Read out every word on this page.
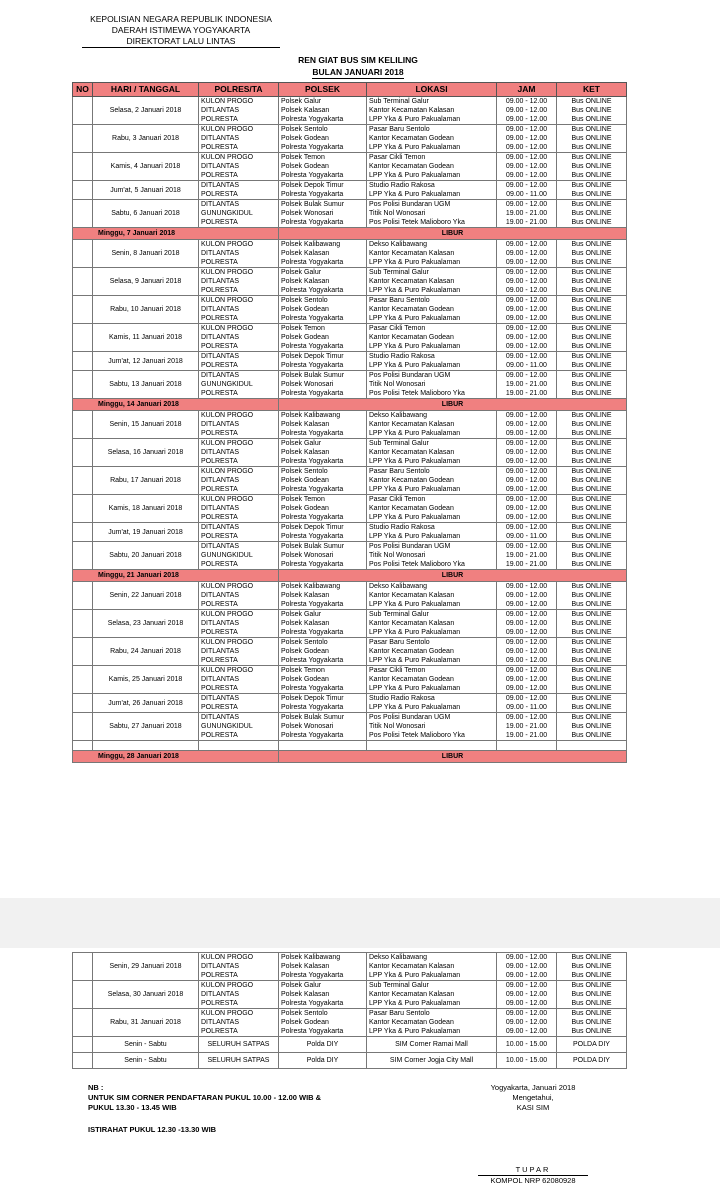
KEPOLISIAN NEGARA REPUBLIK INDONESIA
DAERAH ISTIMEWA YOGYAKARTA
DIREKTORAT LALU LINTAS
REN GIAT BUS SIM KELILING
BULAN JANUARI 2018
NO	HARI / TANGGAL	POLRES/TA	POLSEK	LOKASI	JAM	KET
	Selasa, 2 Januari 2018	KULON PROGO	Polsek Galur	Sub Terminal Galur	09.00 - 12.00	Bus ONLINE
		DITLANTAS	Polsek Kalasan	Kantor Kecamatan Kalasan	09.00 - 12.00	Bus ONLINE
		POLRESTA	Polresta Yogyakarta	LPP Yka & Puro Pakualaman	09.00 - 12.00	Bus ONLINE
	Rabu, 3 Januari 2018	KULON PROGO	Polsek Sentolo	Pasar Baru Sentolo	09.00 - 12.00	Bus ONLINE
		DITLANTAS	Polsek Godean	Kantor Kecamatan Godean	09.00 - 12.00	Bus ONLINE
		POLRESTA	Polresta Yogyakarta	LPP Yka & Puro Pakualaman	09.00 - 12.00	Bus ONLINE
	Kamis, 4 Januari 2018	KULON PROGO	Polsek Temon	Pasar Cikli Temon	09.00 - 12.00	Bus ONLINE
		DITLANTAS	Polsek Godean	Kantor Kecamatan Godean	09.00 - 12.00	Bus ONLINE
		POLRESTA	Polresta Yogyakarta	LPP Yka & Puro Pakualaman	09.00 - 12.00	Bus ONLINE
	Jum'at, 5 Januari 2018	DITLANTAS	Polsek Depok Timur	Studio Radio Rakosa	09.00 - 12.00	Bus ONLINE
		POLRESTA	Polresta Yogyakarta	LPP Yka & Puro Pakualaman	09.00 - 11.00	Bus ONLINE
	Sabtu, 6 Januari 2018	DITLANTAS	Polsek Bulak Sumur	Pos Polisi Bundaran UGM	09.00 - 12.00	Bus ONLINE
		GUNUNGKIDUL	Polsek Wonosari	Titik Nol Wonosari	19.00 - 21.00	Bus ONLINE
		POLRESTA	Polresta Yogyakarta	Pos Polisi Tetek Malioboro Yka	19.00 - 21.00	Bus ONLINE
Minggu, 7 Januari 2018			LIBUR			
	Senin, 8 Januari 2018	KULON PROGO	Polsek Kalibawang	Dekso Kalibawang	09.00 - 12.00	Bus ONLINE
		DITLANTAS	Polsek Kalasan	Kantor Kecamatan Kalasan	09.00 - 12.00	Bus ONLINE
		POLRESTA	Polresta Yogyakarta	LPP Yka & Puro Pakualaman	09.00 - 12.00	Bus ONLINE
	Selasa, 9 Januari 2018	KULON PROGO	Polsek Galur	Sub Terminal Galur	09.00 - 12.00	Bus ONLINE
		DITLANTAS	Polsek Kalasan	Kantor Kecamatan Kalasan	09.00 - 12.00	Bus ONLINE
		POLRESTA	Polresta Yogyakarta	LPP Yka & Puro Pakualaman	09.00 - 12.00	Bus ONLINE
	Rabu, 10 Januari 2018	KULON PROGO	Polsek Sentolo	Pasar Baru Sentolo	09.00 - 12.00	Bus ONLINE
		DITLANTAS	Polsek Godean	Kantor Kecamatan Godean	09.00 - 12.00	Bus ONLINE
		POLRESTA	Polresta Yogyakarta	LPP Yka & Puro Pakualaman	09.00 - 12.00	Bus ONLINE
	Kamis, 11 Januari 2018	KULON PROGO	Polsek Temon	Pasar Cikli Temon	09.00 - 12.00	Bus ONLINE
		DITLANTAS	Polsek Godean	Kantor Kecamatan Godean	09.00 - 12.00	Bus ONLINE
		POLRESTA	Polresta Yogyakarta	LPP Yka & Puro Pakualaman	09.00 - 12.00	Bus ONLINE
	Jum'at, 12 Januari 2018	DITLANTAS	Polsek Depok Timur	Studio Radio Rakosa	09.00 - 12.00	Bus ONLINE
		POLRESTA	Polresta Yogyakarta	LPP Yka & Puro Pakualaman	09.00 - 11.00	Bus ONLINE
	Sabtu, 13 Januari 2018	DITLANTAS	Polsek Bulak Sumur	Pos Polisi Bundaran UGM	09.00 - 12.00	Bus ONLINE
		GUNUNGKIDUL	Polsek Wonosari	Titik Nol Wonosari	19.00 - 21.00	Bus ONLINE
		POLRESTA	Polresta Yogyakarta	Pos Polisi Tetek Malioboro Yka	19.00 - 21.00	Bus ONLINE
Minggu, 14 Januari 2018			LIBUR			
	Senin, 15 Januari 2018	KULON PROGO	Polsek Kalibawang	Dekso Kalibawang	09.00 - 12.00	Bus ONLINE
		DITLANTAS	Polsek Kalasan	Kantor Kecamatan Kalasan	09.00 - 12.00	Bus ONLINE
		POLRESTA	Polresta Yogyakarta	LPP Yka & Puro Pakualaman	09.00 - 12.00	Bus ONLINE
	Selasa, 16 Januari 2018	KULON PROGO	Polsek Galur	Sub Terminal Galur	09.00 - 12.00	Bus ONLINE
		DITLANTAS	Polsek Kalasan	Kantor Kecamatan Kalasan	09.00 - 12.00	Bus ONLINE
		POLRESTA	Polresta Yogyakarta	LPP Yka & Puro Pakualaman	09.00 - 12.00	Bus ONLINE
	Rabu, 17 Januari 2018	KULON PROGO	Polsek Sentolo	Pasar Baru Sentolo	09.00 - 12.00	Bus ONLINE
		DITLANTAS	Polsek Godean	Kantor Kecamatan Godean	09.00 - 12.00	Bus ONLINE
		POLRESTA	Polresta Yogyakarta	LPP Yka & Puro Pakualaman	09.00 - 12.00	Bus ONLINE
	Kamis, 18 Januari 2018	KULON PROGO	Polsek Temon	Pasar Cikli Temon	09.00 - 12.00	Bus ONLINE
		DITLANTAS	Polsek Godean	Kantor Kecamatan Godean	09.00 - 12.00	Bus ONLINE
		POLRESTA	Polresta Yogyakarta	LPP Yka & Puro Pakualaman	09.00 - 12.00	Bus ONLINE
	Jum'at, 19 Januari 2018	DITLANTAS	Polsek Depok Timur	Studio Radio Rakosa	09.00 - 12.00	Bus ONLINE
		POLRESTA	Polresta Yogyakarta	LPP Yka & Puro Pakualaman	09.00 - 11.00	Bus ONLINE
	Sabtu, 20 Januari 2018	DITLANTAS	Polsek Bulak Sumur	Pos Polisi Bundaran UGM	09.00 - 12.00	Bus ONLINE
		GUNUNGKIDUL	Polsek Wonosari	Titik Nol Wonosari	19.00 - 21.00	Bus ONLINE
		POLRESTA	Polresta Yogyakarta	Pos Polisi Tetek Malioboro Yka	19.00 - 21.00	Bus ONLINE
Minggu, 21 Januari 2018			LIBUR			
	Senin, 22 Januari 2018	KULON PROGO	Polsek Kalibawang	Dekso Kalibawang	09.00 - 12.00	Bus ONLINE
		DITLANTAS	Polsek Kalasan	Kantor Kecamatan Kalasan	09.00 - 12.00	Bus ONLINE
		POLRESTA	Polresta Yogyakarta	LPP Yka & Puro Pakualaman	09.00 - 12.00	Bus ONLINE
	Selasa, 23 Januari 2018	KULON PROGO	Polsek Galur	Sub Terminal Galur	09.00 - 12.00	Bus ONLINE
		DITLANTAS	Polsek Kalasan	Kantor Kecamatan Kalasan	09.00 - 12.00	Bus ONLINE
		POLRESTA	Polresta Yogyakarta	LPP Yka & Puro Pakualaman	09.00 - 12.00	Bus ONLINE
	Rabu, 24 Januari 2018	KULON PROGO	Polsek Sentolo	Pasar Baru Sentolo	09.00 - 12.00	Bus ONLINE
		DITLANTAS	Polsek Godean	Kantor Kecamatan Godean	09.00 - 12.00	Bus ONLINE
		POLRESTA	Polresta Yogyakarta	LPP Yka & Puro Pakualaman	09.00 - 12.00	Bus ONLINE
	Kamis, 25 Januari 2018	KULON PROGO	Polsek Temon	Pasar Cikli Temon	09.00 - 12.00	Bus ONLINE
		DITLANTAS	Polsek Godean	Kantor Kecamatan Godean	09.00 - 12.00	Bus ONLINE
		POLRESTA	Polresta Yogyakarta	LPP Yka & Puro Pakualaman	09.00 - 12.00	Bus ONLINE
	Jum'at, 26 Januari 2018	DITLANTAS	Polsek Depok Timur	Studio Radio Rakosa	09.00 - 12.00	Bus ONLINE
		POLRESTA	Polresta Yogyakarta	LPP Yka & Puro Pakualaman	09.00 - 11.00	Bus ONLINE
	Sabtu, 27 Januari 2018	DITLANTAS	Polsek Bulak Sumur	Pos Polisi Bundaran UGM	09.00 - 12.00	Bus ONLINE
		GUNUNGKIDUL	Polsek Wonosari	Titik Nol Wonosari	19.00 - 21.00	Bus ONLINE
		POLRESTA	Polresta Yogyakarta	Pos Polisi Tetek Malioboro Yka	19.00 - 21.00	Bus ONLINE

Minggu, 28 Januari 2018			LIBUR			
	Senin, 29 Januari 2018	KULON PROGO	Polsek Kalibawang	Dekso Kalibawang	09.00 - 12.00	Bus ONLINE
		DITLANTAS	Polsek Kalasan	Kantor Kecamatan Kalasan	09.00 - 12.00	Bus ONLINE
		POLRESTA	Polresta Yogyakarta	LPP Yka & Puro Pakualaman	09.00 - 12.00	Bus ONLINE
	Selasa, 30 Januari 2018	KULON PROGO	Polsek Galur	Sub Terminal Galur	09.00 - 12.00	Bus ONLINE
		DITLANTAS	Polsek Kalasan	Kantor Kecamatan Kalasan	09.00 - 12.00	Bus ONLINE
		POLRESTA	Polresta Yogyakarta	LPP Yka & Puro Pakualaman	09.00 - 12.00	Bus ONLINE
	Rabu, 31 Januari 2018	KULON PROGO	Polsek Sentolo	Pasar Baru Sentolo	09.00 - 12.00	Bus ONLINE
		DITLANTAS	Polsek Godean	Kantor Kecamatan Godean	09.00 - 12.00	Bus ONLINE
		POLRESTA	Polresta Yogyakarta	LPP Yka & Puro Pakualaman	09.00 - 12.00	Bus ONLINE
	Senin - Sabtu	SELURUH SATPAS	Polda DIY	SIM Corner Ramai Mall	10.00 - 15.00	POLDA DIY
	Senin - Sabtu	SELURUH SATPAS	Polda DIY	SIM Corner Jogja City Mall	10.00 - 15.00	POLDA DIY
NB :
UNTUK SIM CORNER PENDAFTARAN PUKUL 10.00 - 12.00 WIB &
PUKUL 13.30 - 13.45 WIB
ISTIRAHAT PUKUL 12.30 -13.30 WIB
Yogyakarta, Januari 2018
Mengetahui,
KASI SIM
TUPAR
KOMPOL NRP 62080928
